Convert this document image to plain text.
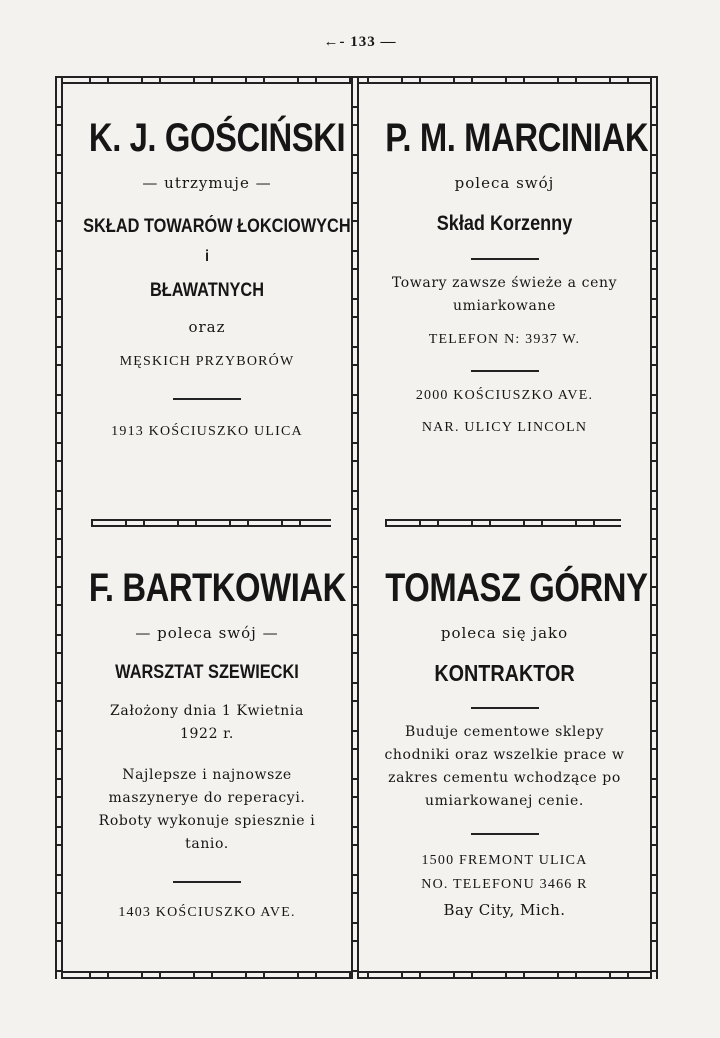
←- 133 —

K. J. GOŚCIŃSKI

— utrzymuje —

SKŁAD TOWARÓW ŁOKCIOWYCH

i

BŁAWATNYCH

oraz

MĘSKICH PRZYBORÓW

1913 KOŚCIUSZKO ULICA

P. M. MARCINIAK

poleca swój

Skład Korzenny

Towary zawsze świeże a ceny umiarkowane

TELEFON N: 3937 W.

2000 KOŚCIUSZKO AVE.

NAR. ULICY LINCOLN

F. BARTKOWIAK

— poleca swój —

WARSZTAT SZEWIECKI

Założony dnia 1 Kwietnia 1922 r.

Najlepsze i najnowsze maszynerye do reperacyi. Roboty wykonuje spiesznie i tanio.

1403 KOŚCIUSZKO AVE.

TOMASZ GÓRNY

poleca się jako

KONTRAKTOR

Buduje cementowe sklepy chodniki oraz wszelkie prace w zakres cementu wchodzące po umiarkowanej cenie.

1500 FREMONT ULICA

NO. TELEFONU 3466 R

Bay City, Mich.
